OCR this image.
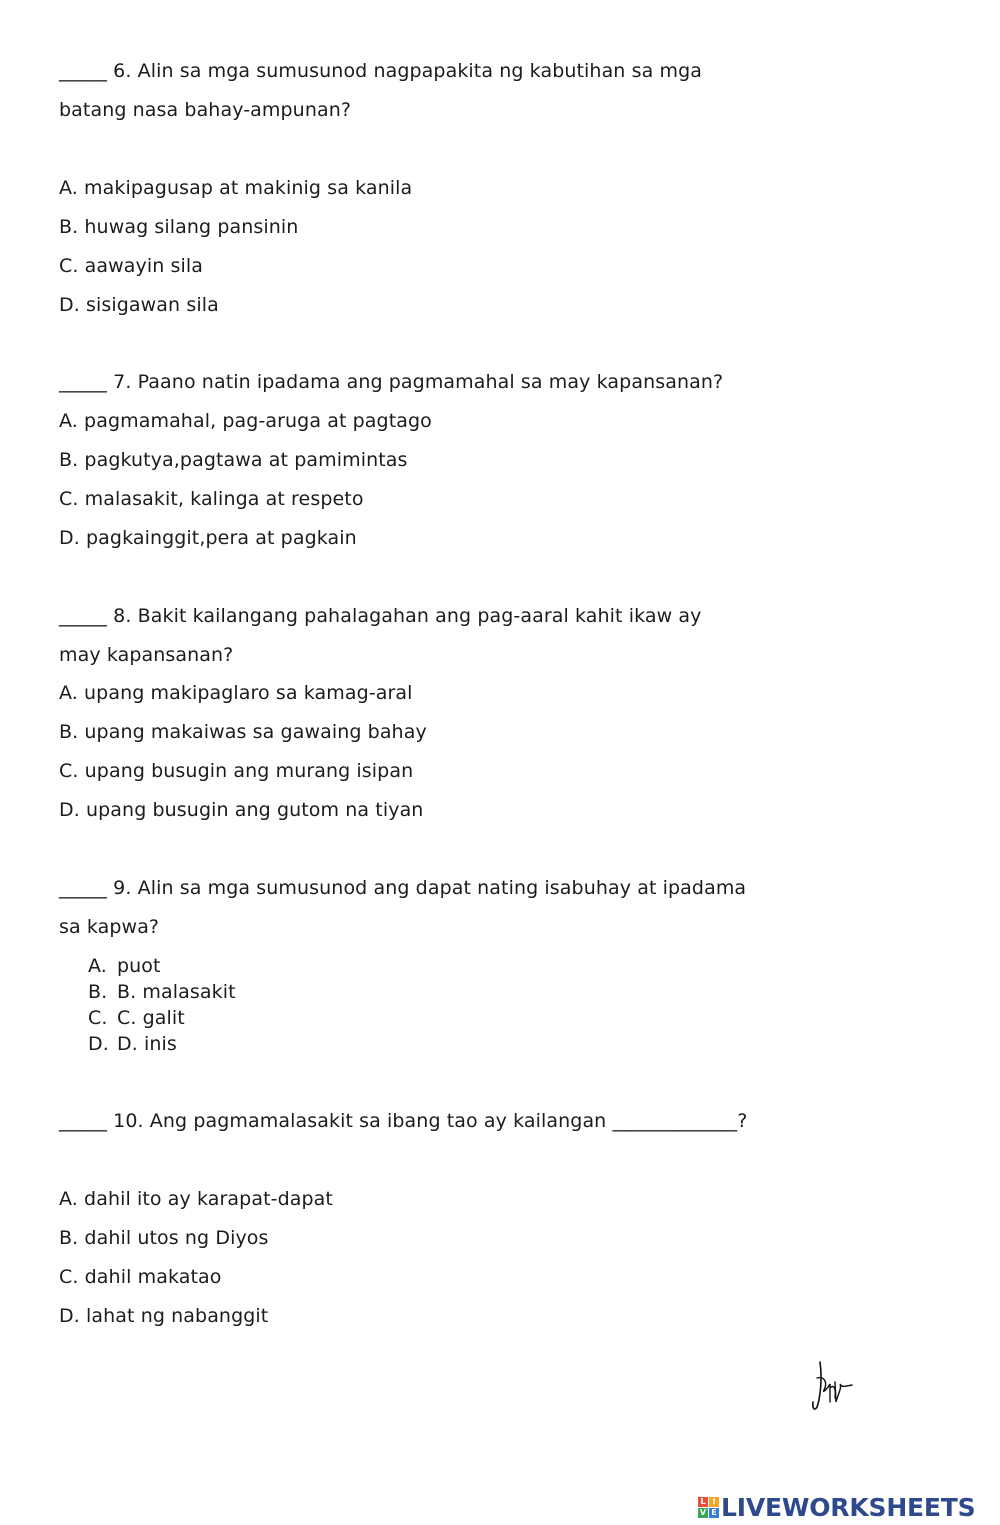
_____ 6. Alin sa mga sumusunod nagpapakita ng kabutihan sa mga
batang nasa bahay-ampunan?
A. makipagusap at makinig sa kanila
B. huwag silang pansinin
C. aawayin sila
D. sisigawan sila
_____ 7. Paano natin ipadama ang pagmamahal sa may kapansanan?
A. pagmamahal, pag-aruga at pagtago
B. pagkutya,pagtawa at pamimintas
C. malasakit, kalinga at respeto
D. pagkainggit,pera at pagkain
_____ 8. Bakit kailangang pahalagahan ang pag-aaral kahit ikaw ay
may kapansanan?
A. upang makipaglaro sa kamag-aral
B. upang makaiwas sa gawaing bahay
C. upang busugin ang murang isipan
D. upang busugin ang gutom na tiyan
_____ 9. Alin sa mga sumusunod ang dapat nating isabuhay at ipadama
sa kapwa?
A. puot
B. B. malasakit
C. C. galit
D. D. inis
_____ 10. Ang pagmamalasakit sa ibang tao ay kailangan _____________?
A. dahil ito ay karapat-dapat
B. dahil utos ng Diyos
C. dahil makatao
D. lahat ng nabanggit
L I
V E LIVEWORKSHEETS
